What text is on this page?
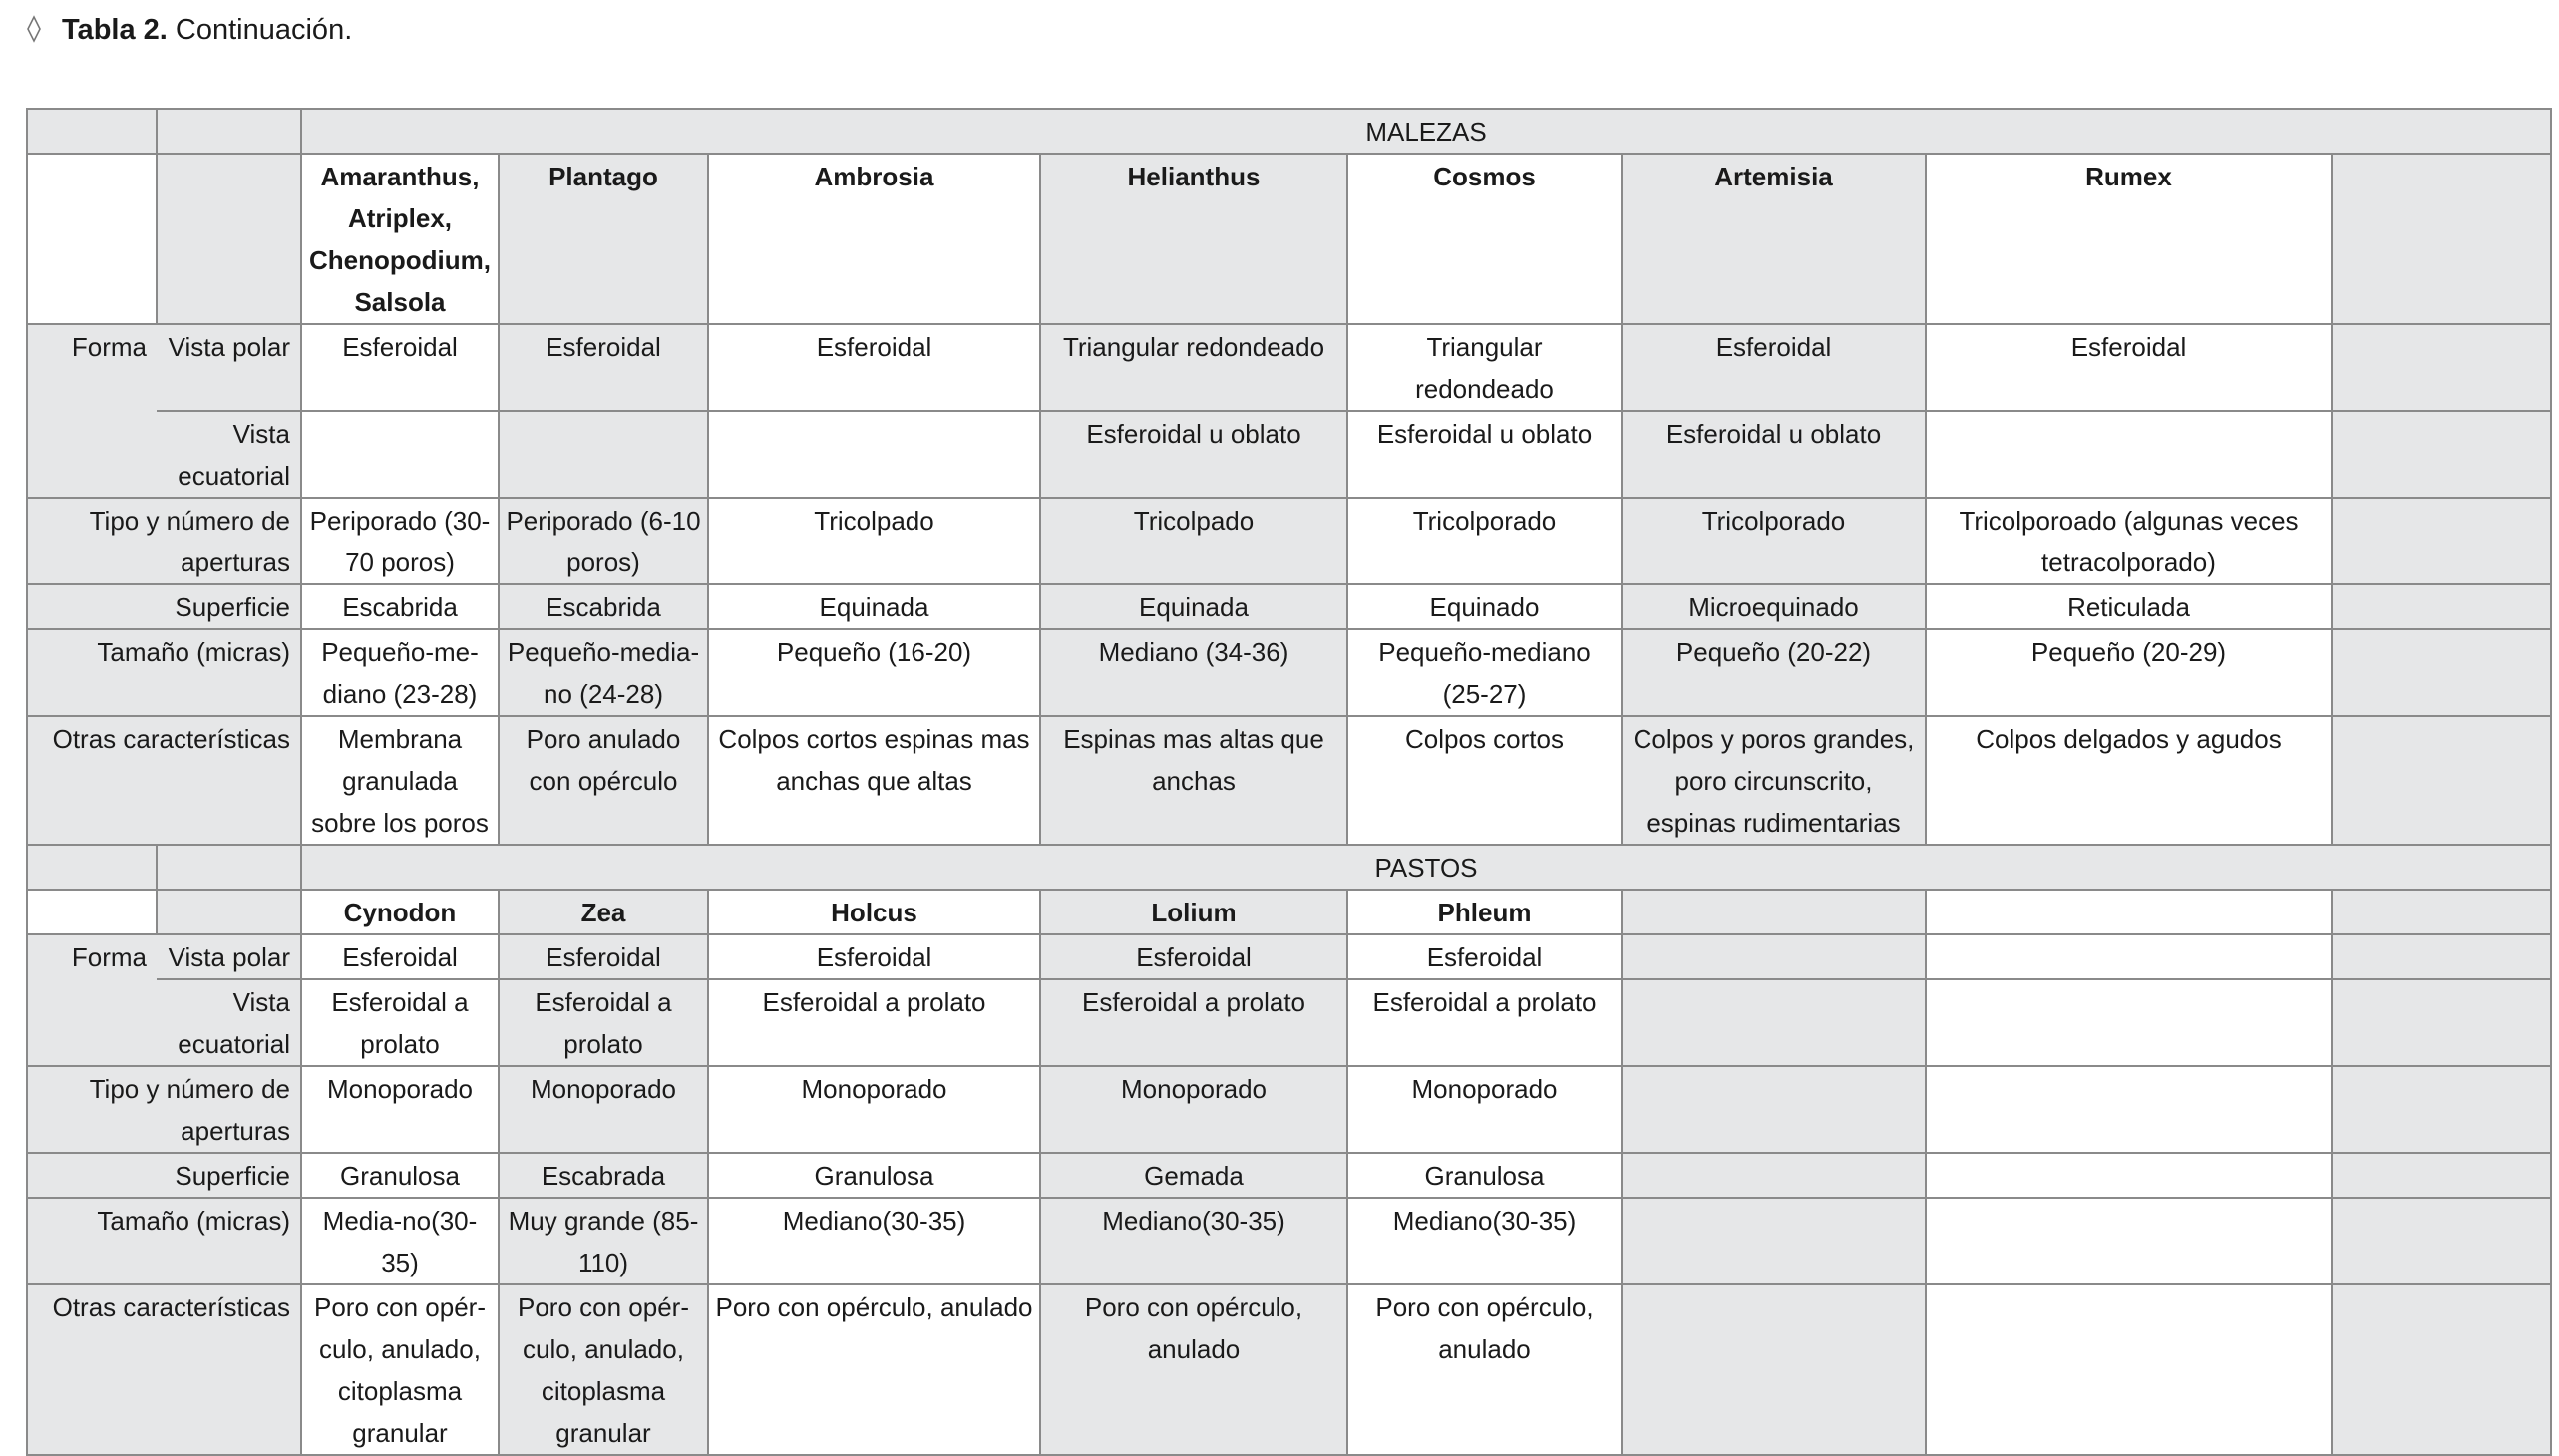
Tabla 2. Continuación.
		MALEZAS							
		Amaranthus, Atriplex, Chenopodium, Salsola	Plantago	Ambrosia	Helianthus	Cosmos	Artemisia	Rumex	
Forma	Vista polar	Esferoidal	Esferoidal	Esferoidal	Triangular redondeado	Triangular redondeado	Esferoidal	Esferoidal	
	Vista ecuatorial				Esferoidal u oblato	Esferoidal u oblato	Esferoidal u oblato		
Tipo y número de aperturas		Periporado (30-70 poros)	Periporado (6-10 poros)	Tricolpado	Tricolpado	Tricolporado	Tricolporado	Tricolporoado (algunas veces tetracolporado)	
Superficie		Escabrida	Escabrida	Equinada	Equinada	Equinado	Microequinado	Reticulada	
Tamaño (micras)		Pequeño-me-diano (23-28)	Pequeño-media-no (24-28)	Pequeño (16-20)	Mediano (34-36)	Pequeño-mediano (25-27)	Pequeño (20-22)	Pequeño (20-29)	
Otras características		Membrana granulada sobre los poros	Poro anulado con opérculo	Colpos cortos espinas mas anchas que altas	Espinas mas altas que anchas	Colpos cortos	Colpos y poros grandes, poro circunscrito, espinas rudimentarias	Colpos delgados y agudos	
		PASTOS							
		Cynodon	Zea	Holcus	Lolium	Phleum			
Forma	Vista polar	Esferoidal	Esferoidal	Esferoidal	Esferoidal	Esferoidal			
	Vista ecuatorial	Esferoidal a prolato	Esferoidal a prolato	Esferoidal a prolato	Esferoidal a prolato	Esferoidal a prolato			
Tipo y número de aperturas		Monoporado	Monoporado	Monoporado	Monoporado	Monoporado			
Superficie		Granulosa	Escabrada	Granulosa	Gemada	Granulosa			
Tamaño (micras)		Media-no(30-35)	Muy grande (85-110)	Mediano(30-35)	Mediano(30-35)	Mediano(30-35)			
Otras características		Poro con opér-culo, anulado, citoplasma granular	Poro con opér-culo, anulado, citoplasma granular	Poro con opérculo, anulado	Poro con opérculo, anulado	Poro con opérculo, anulado			
